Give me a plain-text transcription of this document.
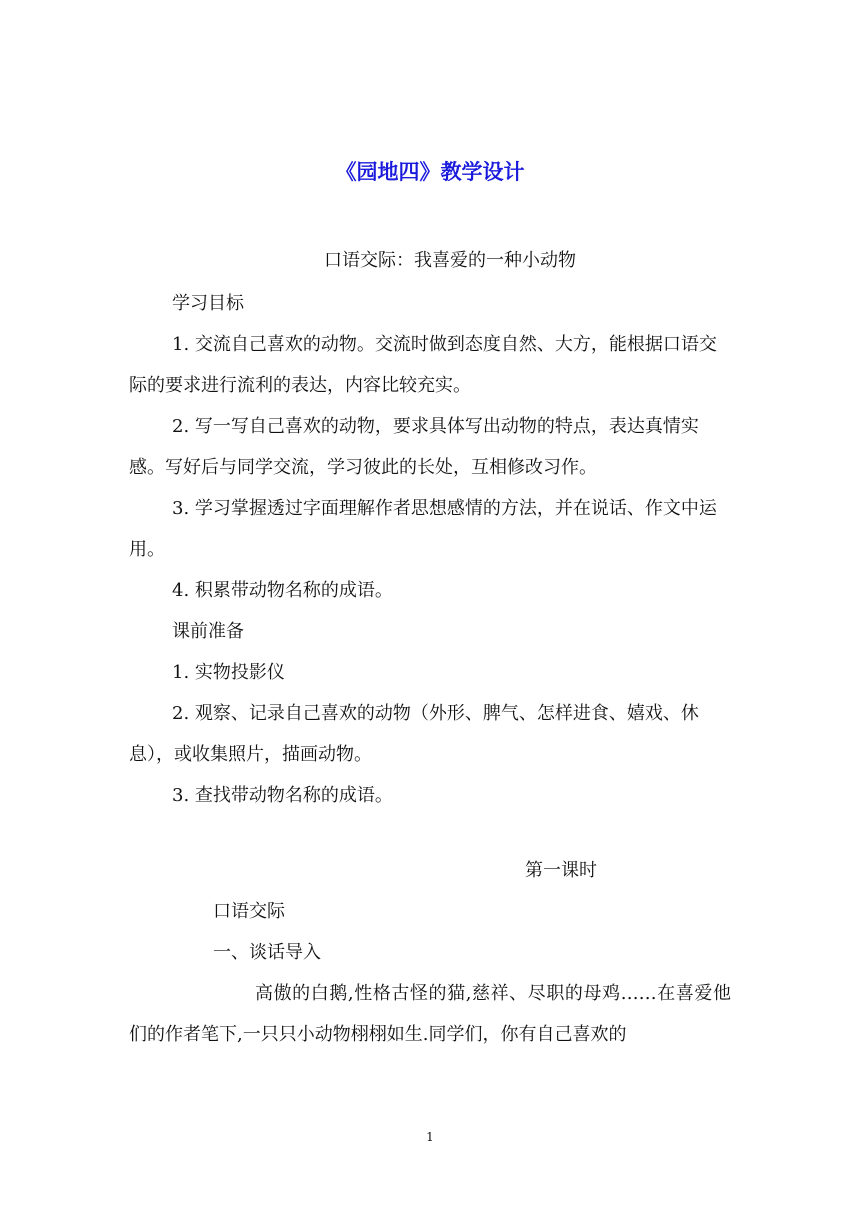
《园地四》教学设计
口语交际：我喜爱的一种小动物

学习目标

1. 交流自己喜欢的动物。交流时做到态度自然、大方，能根据口语交际的要求进行流利的表达，内容比较充实。

2. 写一写自己喜欢的动物，要求具体写出动物的特点，表达真情实感。写好后与同学交流，学习彼此的长处，互相修改习作。

3. 学习掌握透过字面理解作者思想感情的方法，并在说话、作文中运用。

4. 积累带动物名称的成语。

课前准备

1. 实物投影仪

2. 观察、记录自己喜欢的动物（外形、脾气、怎样进食、嬉戏、休息），或收集照片，描画动物。

3. 查找带动物名称的成语。

第一课时

口语交际

一、谈话导入

高傲的白鹅,性格古怪的猫,慈祥、尽职的母鸡……在喜爱他们的作者笔下,一只只小动物栩栩如生.同学们，你有自己喜欢的

1
